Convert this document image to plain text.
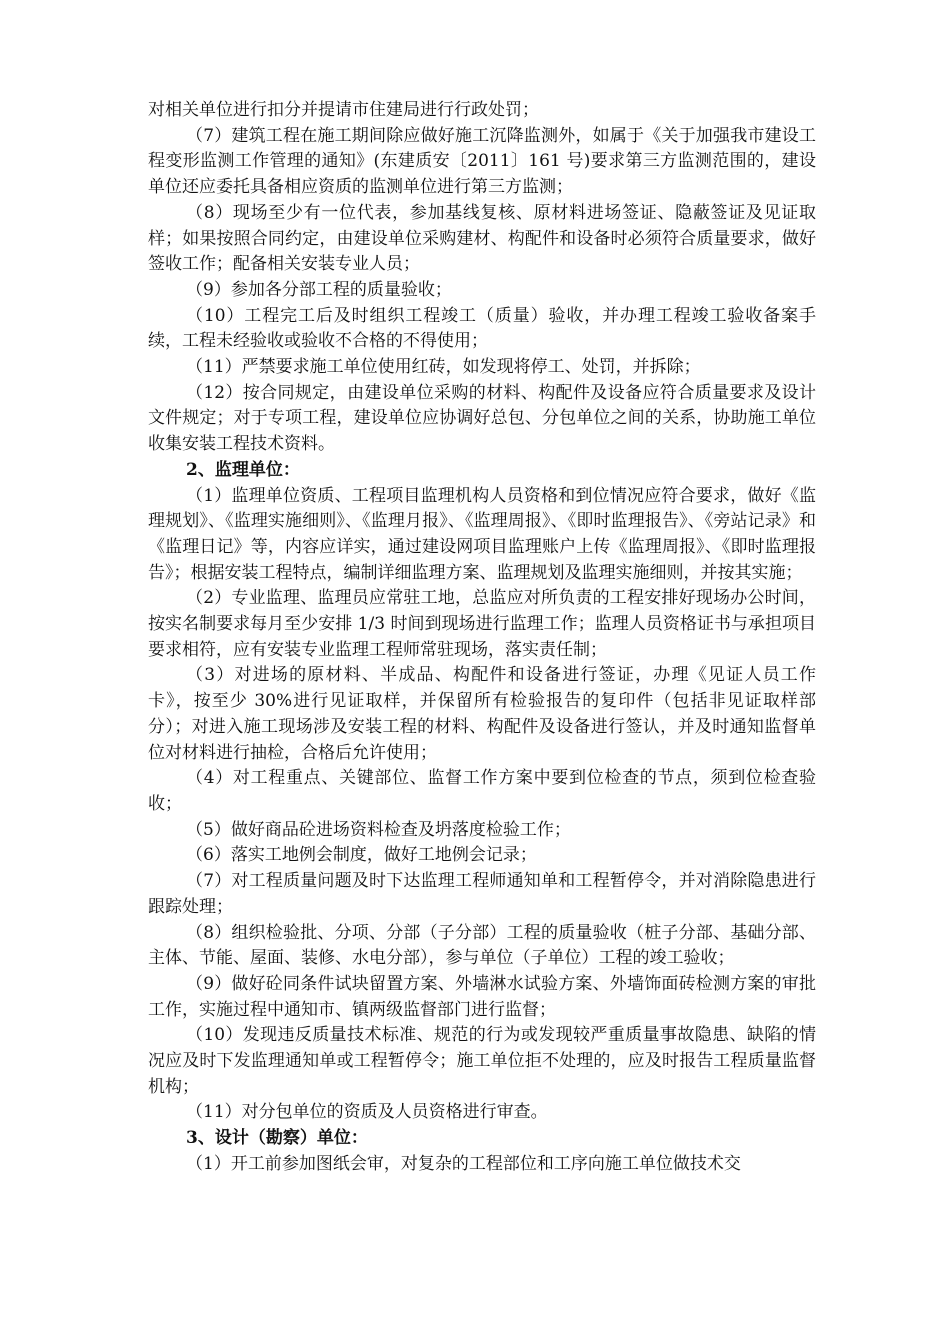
对相关单位进行扣分并提请市住建局进行行政处罚；

（7）建筑工程在施工期间除应做好施工沉降监测外，如属于《关于加强我市建设工程变形监测工作管理的通知》(东建质安〔2011〕161 号)要求第三方监测范围的，建设单位还应委托具备相应资质的监测单位进行第三方监测；

（8）现场至少有一位代表，参加基线复核、原材料进场签证、隐蔽签证及见证取样；如果按照合同约定，由建设单位采购建材、构配件和设备时必须符合质量要求，做好签收工作；配备相关安装专业人员；

（9）参加各分部工程的质量验收；

（10）工程完工后及时组织工程竣工（质量）验收，并办理工程竣工验收备案手续，工程未经验收或验收不合格的不得使用；

（11）严禁要求施工单位使用红砖，如发现将停工、处罚，并拆除；

（12）按合同规定，由建设单位采购的材料、构配件及设备应符合质量要求及设计文件规定；对于专项工程，建设单位应协调好总包、分包单位之间的关系，协助施工单位收集安装工程技术资料。

2、监理单位：

（1）监理单位资质、工程项目监理机构人员资格和到位情况应符合要求，做好《监理规划》、《监理实施细则》、《监理月报》、《监理周报》、《即时监理报告》、《旁站记录》和《监理日记》等，内容应详实，通过建设网项目监理账户上传《监理周报》、《即时监理报告》；根据安装工程特点，编制详细监理方案、监理规划及监理实施细则，并按其实施；

（2）专业监理、监理员应常驻工地，总监应对所负责的工程安排好现场办公时间，按实名制要求每月至少安排 1/3 时间到现场进行监理工作；监理人员资格证书与承担项目要求相符，应有安装专业监理工程师常驻现场，落实责任制；

（3）对进场的原材料、半成品、构配件和设备进行签证，办理《见证人员工作卡》，按至少 30%进行见证取样，并保留所有检验报告的复印件（包括非见证取样部分）；对进入施工现场涉及安装工程的材料、构配件及设备进行签认，并及时通知监督单位对材料进行抽检，合格后允许使用；

（4）对工程重点、关键部位、监督工作方案中要到位检查的节点，须到位检查验收；

（5）做好商品砼进场资料检查及坍落度检验工作；

（6）落实工地例会制度，做好工地例会记录；

（7）对工程质量问题及时下达监理工程师通知单和工程暂停令，并对消除隐患进行跟踪处理；

（8）组织检验批、分项、分部（子分部）工程的质量验收（桩子分部、基础分部、主体、节能、屋面、装修、水电分部），参与单位（子单位）工程的竣工验收；

（9）做好砼同条件试块留置方案、外墙淋水试验方案、外墙饰面砖检测方案的审批工作，实施过程中通知市、镇两级监督部门进行监督；

（10）发现违反质量技术标准、规范的行为或发现较严重质量事故隐患、缺陷的情况应及时下发监理通知单或工程暂停令；施工单位拒不处理的，应及时报告工程质量监督机构；

（11）对分包单位的资质及人员资格进行审查。

3、设计（勘察）单位：

（1）开工前参加图纸会审，对复杂的工程部位和工序向施工单位做技术交
